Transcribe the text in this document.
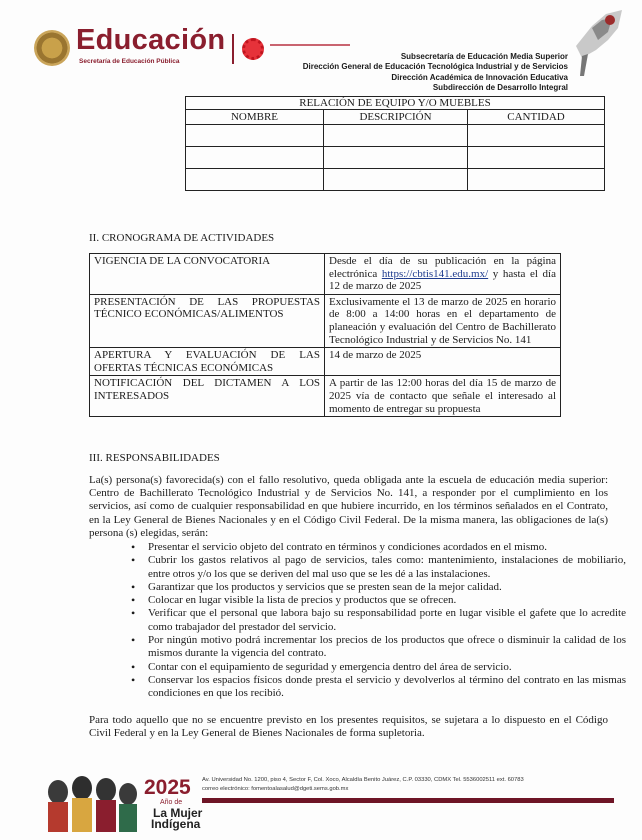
Educación
Secretaría de Educación Pública
Subsecretaría de Educación Media Superior
Dirección General de Educación Tecnológica Industrial y de Servicios
Dirección Académica de Innovación Educativa
Subdirección de Desarrollo Integral
RELACIÓN DE EQUIPO Y/O MUEBLES		
NOMBRE	DESCRIPCIÓN	CANTIDAD

II. CRONOGRAMA DE ACTIVIDADES
VIGENCIA DE LA CONVOCATORIA	Desde el día de su publicación en la página electrónica https://cbtis141.edu.mx/ y hasta el día 12 de marzo de 2025
PRESENTACIÓN DE LAS PROPUESTAS TÉCNICO ECONÓMICAS/ALIMENTOS	Exclusivamente el 13 de marzo de 2025 en horario de 8:00 a 14:00 horas en el departamento de planeación y evaluación del Centro de Bachillerato Tecnológico Industrial y de Servicios No. 141
APERTURA Y EVALUACIÓN DE LAS OFERTAS TÉCNICAS ECONÓMICAS	14 de marzo de 2025
NOTIFICACIÓN DEL DICTAMEN A LOS INTERESADOS	A partir de las 12:00 horas del día 15 de marzo de 2025 vía de contacto que señale el interesado al momento de entregar su propuesta
III. RESPONSABILIDADES
La(s) persona(s) favorecida(s) con el fallo resolutivo, queda obligada ante la escuela de educación media superior: Centro de Bachillerato Tecnológico Industrial y de Servicios No. 141, a responder por el cumplimiento en los servicios, así como de cualquier responsabilidad en que hubiere incurrido, en los términos señalados en el Contrato, en la Ley General de Bienes Nacionales y en el Código Civil Federal. De la misma manera, las obligaciones de la(s) persona (s) elegidas, serán:
• Presentar el servicio objeto del contrato en términos y condiciones acordados en el mismo.
• Cubrir los gastos relativos al pago de servicios, tales como: mantenimiento, instalaciones de mobiliario, entre otros y/o los que se deriven del mal uso que se les dé a las instalaciones.
• Garantizar que los productos y servicios que se presten sean de la mejor calidad.
• Colocar en lugar visible la lista de precios y productos que se ofrecen.
• Verificar que el personal que labora bajo su responsabilidad porte en lugar visible el gafete que lo acredite como trabajador del prestador del servicio.
• Por ningún motivo podrá incrementar los precios de los productos que ofrece o disminuir la calidad de los mismos durante la vigencia del contrato.
• Contar con el equipamiento de seguridad y emergencia dentro del área de servicio.
• Conservar los espacios físicos donde presta el servicio y devolverlos al término del contrato en las mismas condiciones en que los recibió.
Para todo aquello que no se encuentre previsto en los presentes requisitos, se sujetara a lo dispuesto en el Código Civil Federal y en la Ley General de Bienes Nacionales de forma supletoria.
2025
Año de
La Mujer
Indígena
Av. Universidad No. 1200, piso 4, Sector F, Col. Xoco, Alcaldía Benito Juárez, C.P. 03330, CDMX Tel. 5536002511 ext. 60783
correo electrónico: fomentoalasalud@dgeti.sems.gob.mx
